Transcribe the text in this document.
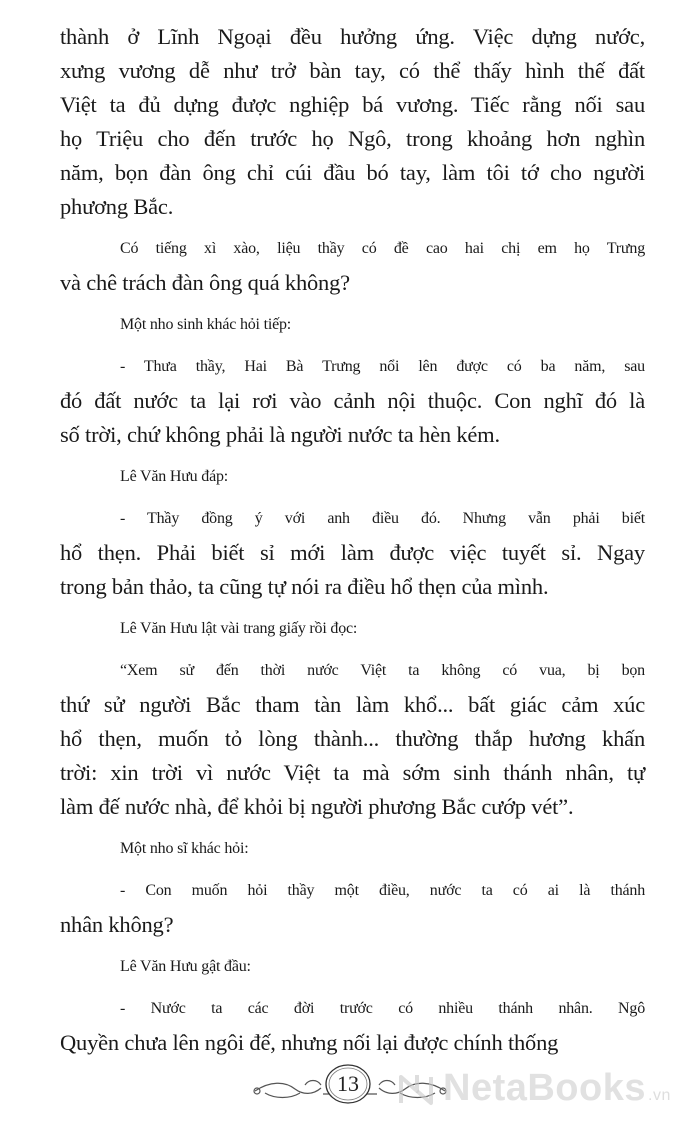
thành ở Lĩnh Ngoại đều hưởng ứng. Việc dựng nước,
xưng vương dễ như trở bàn tay, có thể thấy hình thế đất
Việt ta đủ dựng được nghiệp bá vương. Tiếc rằng nối sau
họ Triệu cho đến trước họ Ngô, trong khoảng hơn nghìn
năm, bọn đàn ông chỉ cúi đầu bó tay, làm tôi tớ cho người
phương Bắc.

Có tiếng xì xào, liệu thầy có đề cao hai chị em họ Trưng
và chê trách đàn ông quá không?

Một nho sinh khác hỏi tiếp:

- Thưa thầy, Hai Bà Trưng nổi lên được có ba năm, sau
đó đất nước ta lại rơi vào cảnh nội thuộc. Con nghĩ đó là
số trời, chứ không phải là người nước ta hèn kém.

Lê Văn Hưu đáp:

- Thầy đồng ý với anh điều đó. Nhưng vẫn phải biết
hổ thẹn. Phải biết sỉ mới làm được việc tuyết sỉ. Ngay
trong bản thảo, ta cũng tự nói ra điều hổ thẹn của mình.

Lê Văn Hưu lật vài trang giấy rồi đọc:

“Xem sử đến thời nước Việt ta không có vua, bị bọn
thứ sử người Bắc tham tàn làm khổ... bất giác cảm xúc
hổ thẹn, muốn tỏ lòng thành... thường thắp hương khấn
trời: xin trời vì nước Việt ta mà sớm sinh thánh nhân, tự
làm đế nước nhà, để khỏi bị người phương Bắc cướp vét”.

Một nho sĩ khác hỏi:

- Con muốn hỏi thầy một điều, nước ta có ai là thánh
nhân không?

Lê Văn Hưu gật đầu:

- Nước ta các đời trước có nhiều thánh nhân. Ngô
Quyền chưa lên ngôi đế, nhưng nối lại được chính thống

13 NetaBooks .vn
